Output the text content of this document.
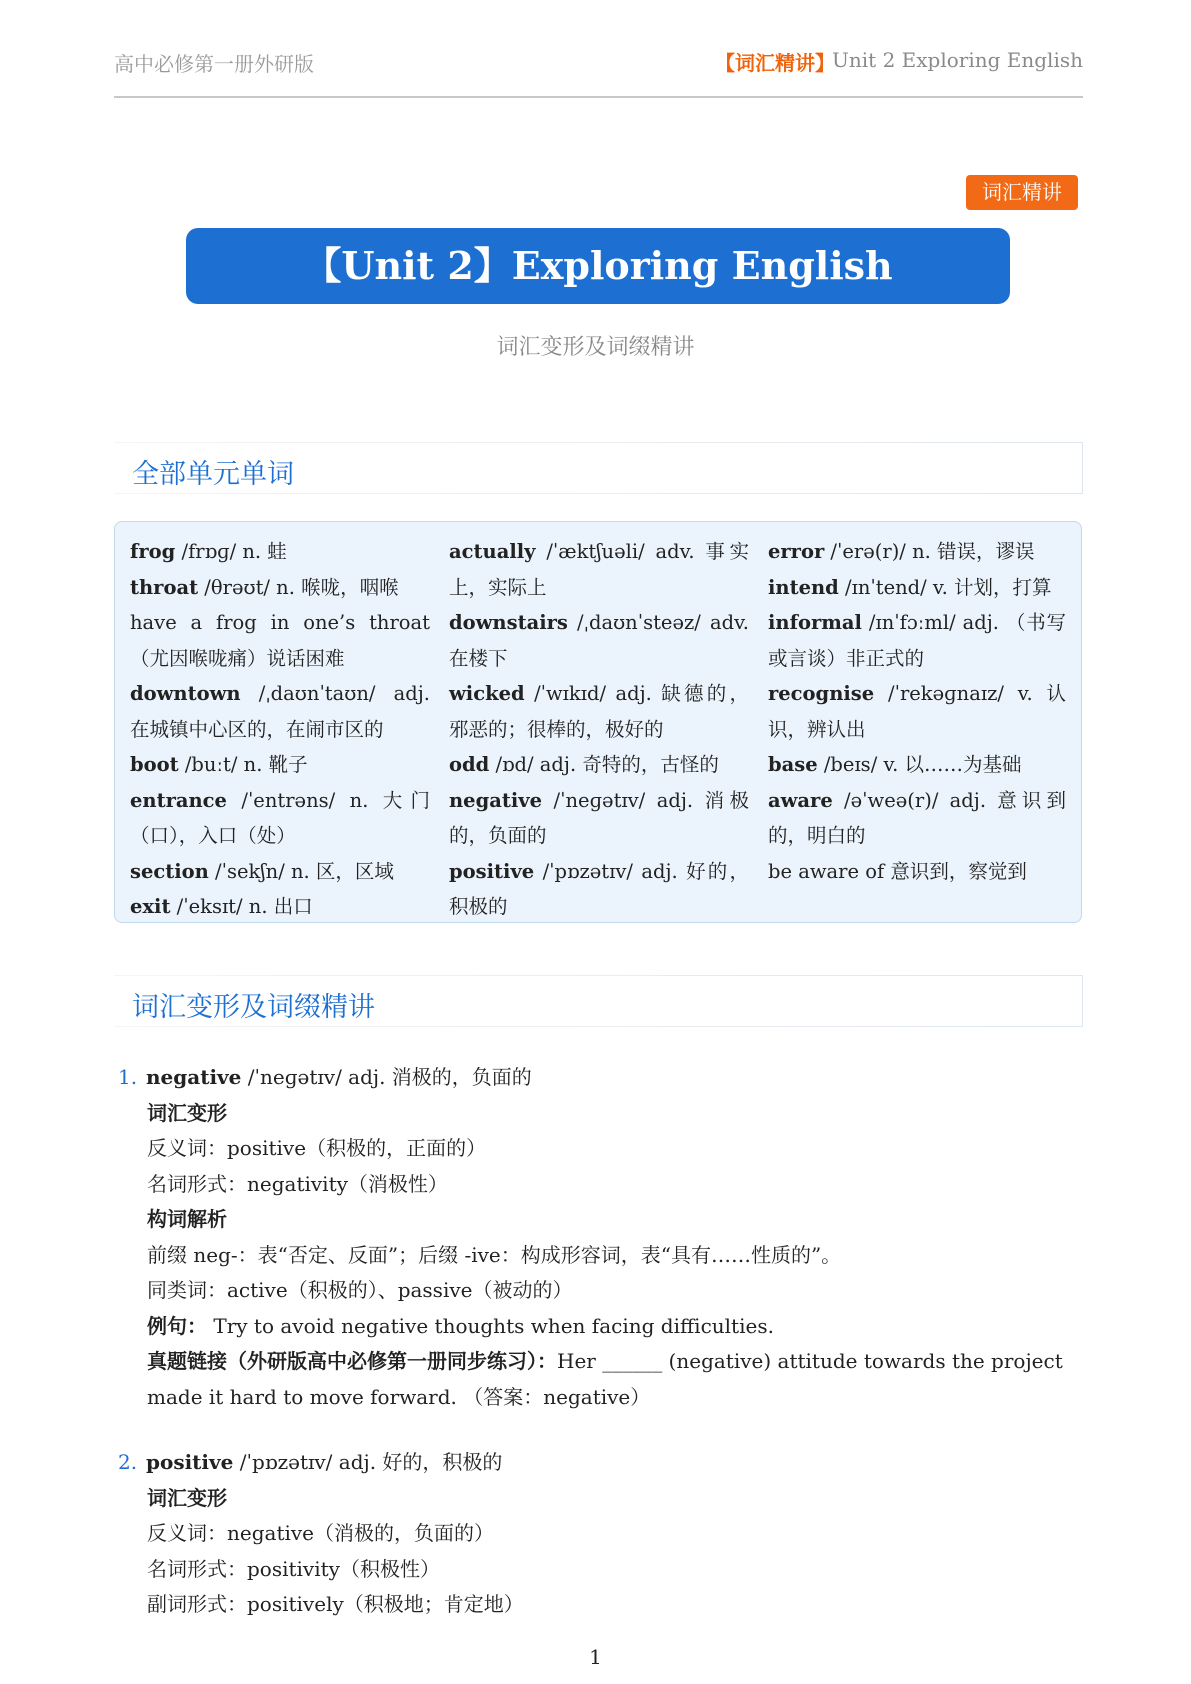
高中必修第一册外研版	【词汇精讲】
Unit 2 Exploring English
词汇精讲
【Unit 2】Exploring English
词汇变形及词缀精讲
全部单元单词

frog /frɒɡ/ n. 蛙

throat /θrəʊt/ n. 喉咙，咽喉

have a frog in one’s throat （尤因喉咙痛）说话困难

downtown /ˌdaʊnˈtaʊn/ adj. 在城镇中心区的，在闹市区的

boot /buːt/ n. 靴子

entrance /ˈentrəns/ n. 大门（口），入口（处）

section /ˈsekʃn/ n. 区，区域

exit /ˈeksɪt/ n. 出口

actually /ˈæktʃuəli/ adv. 事实上，实际上

downstairs /ˌdaʊnˈsteəz/ adv. 在楼下

wicked /ˈwɪkɪd/ adj. 缺德的，邪恶的；很棒的，极好的

odd /ɒd/ adj. 奇特的，古怪的

negative /ˈneɡətɪv/ adj. 消极的，负面的

positive /ˈpɒzətɪv/ adj. 好的，积极的

error /ˈerə(r)/ n. 错误，谬误

intend /ɪnˈtend/ v. 计划，打算

informal /ɪnˈfɔːml/ adj. （书写或言谈）非正式的

recognise /ˈrekəɡnaɪz/ v. 认识，辨认出

base /beɪs/ v. 以……为基础

aware /əˈweə(r)/ adj. 意识到的，明白的

be aware of 意识到，察觉到

词汇变形及词缀精讲
1. negative /ˈneɡətɪv/ adj. 消极的，负面的
词汇变形
反义词：positive（积极的，正面的）
名词形式：negativity（消极性）
构词解析
前缀 neg-：表“否定、反面”；后缀 -ive：构成形容词，表“具有……性质的”。
同类词：active（积极的）、passive（被动的）
例句： Try to avoid negative thoughts when facing difficulties.
真题链接（外研版高中必修第一册同步练习）：Her ______ (negative) attitude towards the project made it hard to move forward. （答案：negative）
2. positive /ˈpɒzətɪv/ adj. 好的，积极的
词汇变形
反义词：negative（消极的，负面的）
名词形式：positivity（积极性）
副词形式：positively（积极地；肯定地）
1
